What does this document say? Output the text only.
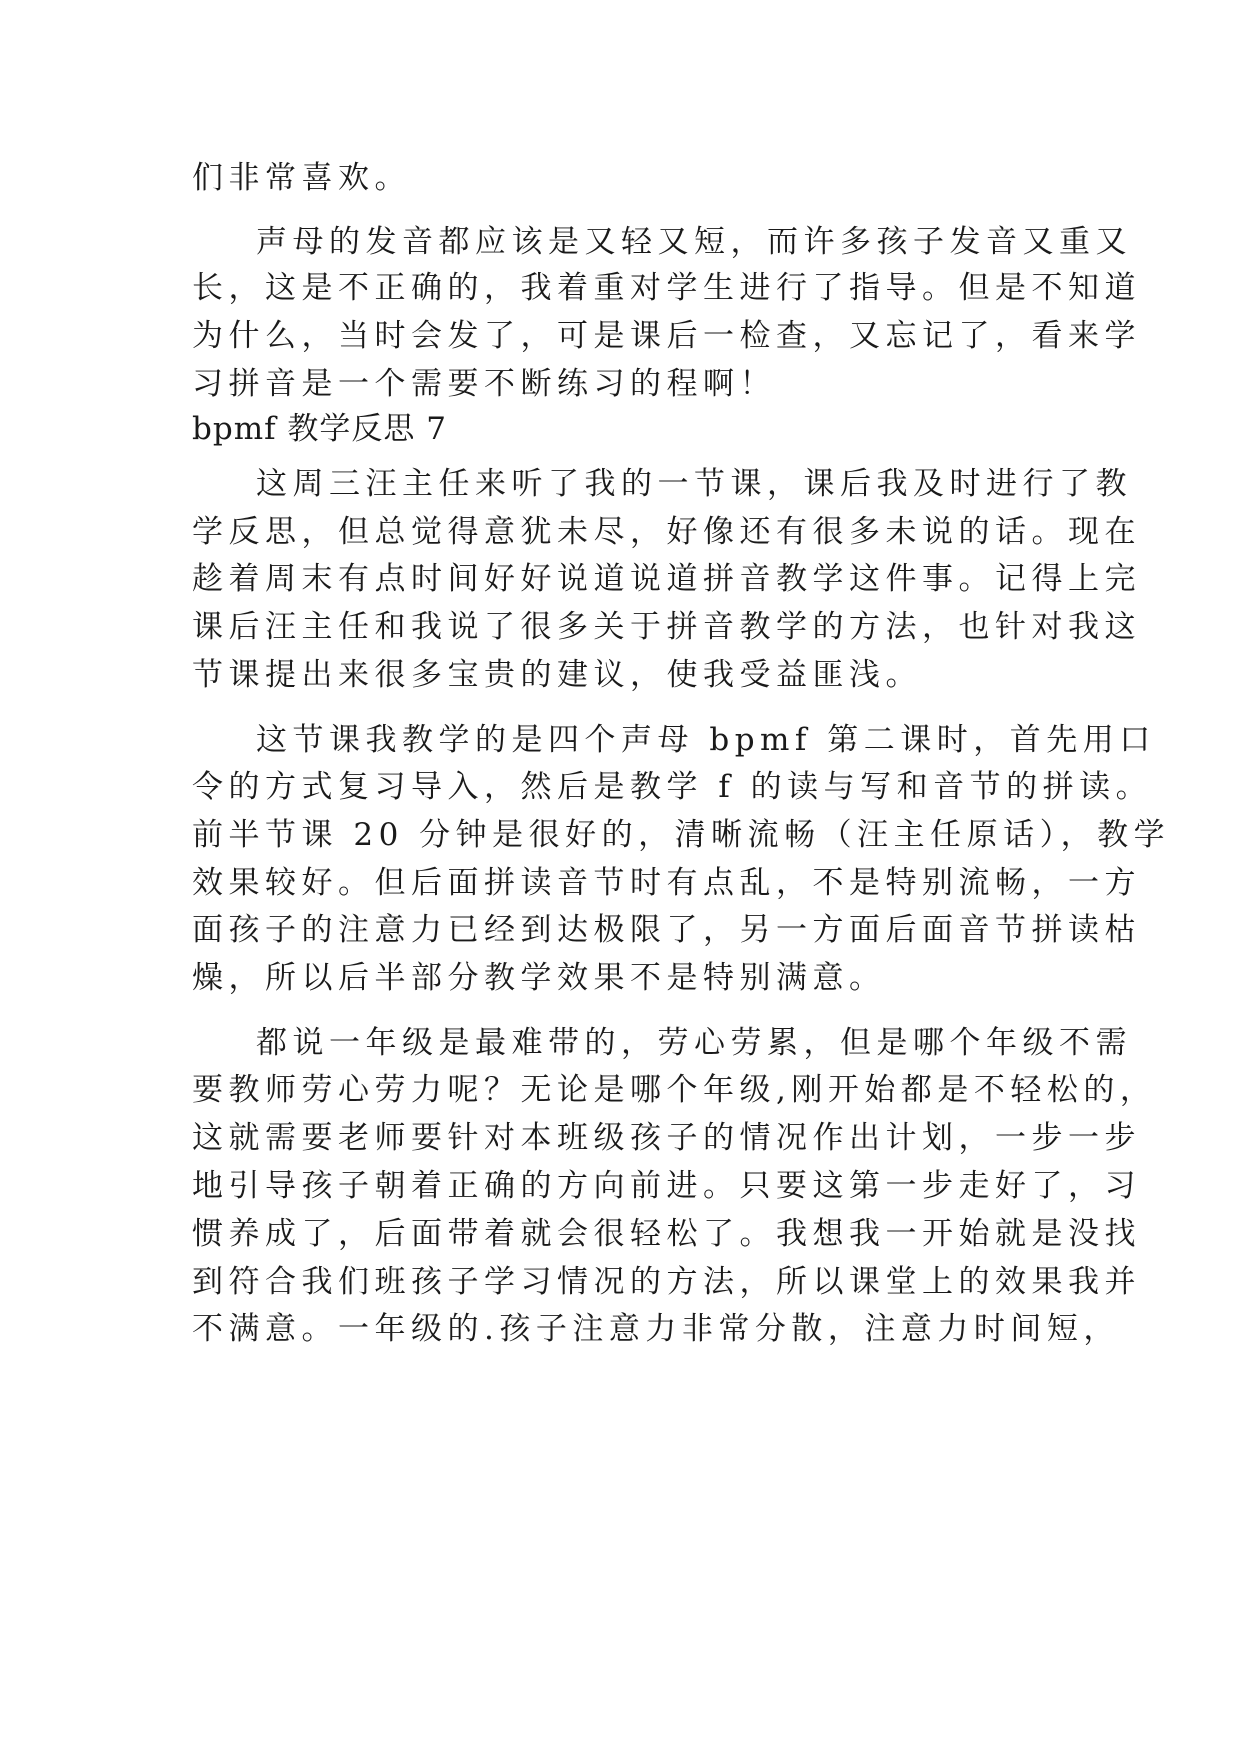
们非常喜欢。
声母的发音都应该是又轻又短，而许多孩子发音又重又
长，这是不正确的，我着重对学生进行了指导。但是不知道
为什么，当时会发了，可是课后一检查，又忘记了，看来学
习拼音是一个需要不断练习的程啊！
bpmf 教学反思 7
这周三汪主任来听了我的一节课，课后我及时进行了教
学反思，但总觉得意犹未尽，好像还有很多未说的话。现在
趁着周末有点时间好好说道说道拼音教学这件事。记得上完
课后汪主任和我说了很多关于拼音教学的方法，也针对我这
节课提出来很多宝贵的建议，使我受益匪浅。
这节课我教学的是四个声母 bpmf 第二课时，首先用口
令的方式复习导入，然后是教学 f 的读与写和音节的拼读。
前半节课 20 分钟是很好的，清晰流畅（汪主任原话），教学
效果较好。但后面拼读音节时有点乱，不是特别流畅，一方
面孩子的注意力已经到达极限了，另一方面后面音节拼读枯
燥，所以后半部分教学效果不是特别满意。
都说一年级是最难带的，劳心劳累，但是哪个年级不需
要教师劳心劳力呢？无论是哪个年级,刚开始都是不轻松的，
这就需要老师要针对本班级孩子的情况作出计划，一步一步
地引导孩子朝着正确的方向前进。只要这第一步走好了，习
惯养成了，后面带着就会很轻松了。我想我一开始就是没找
到符合我们班孩子学习情况的方法，所以课堂上的效果我并
不满意。一年级的.孩子注意力非常分散，注意力时间短，
